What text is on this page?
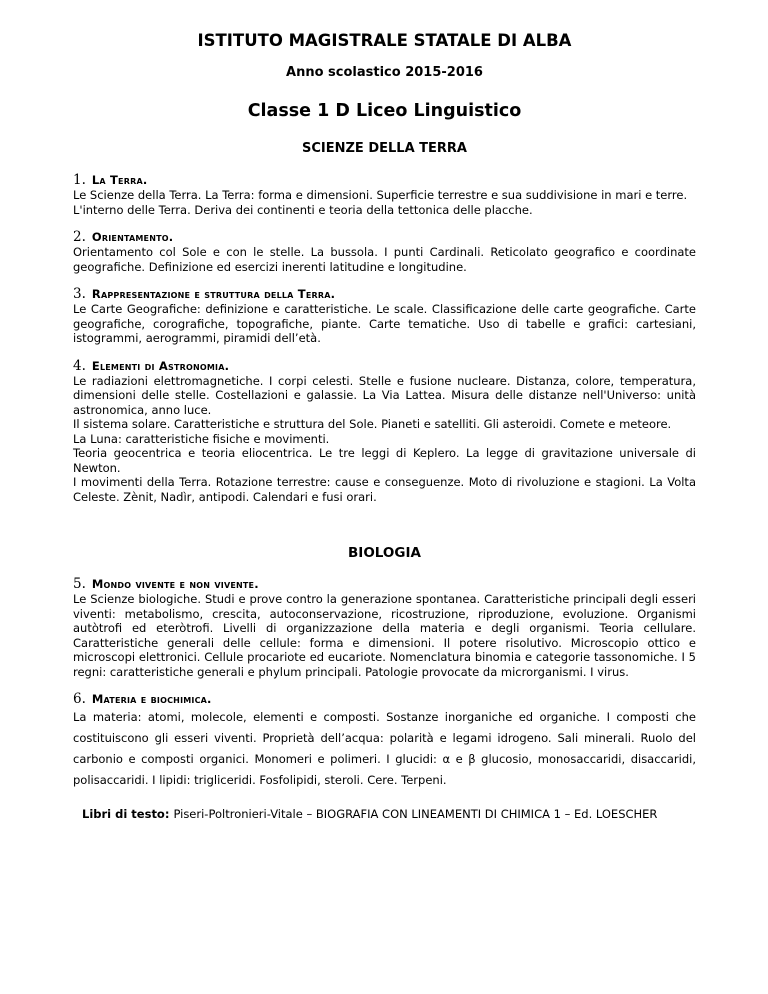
ISTITUTO MAGISTRALE STATALE DI ALBA

Anno scolastico 2015-2016

Classe 1 D Liceo Linguistico

SCIENZE DELLA TERRA

1. La Terra.

Le Scienze della Terra. La Terra: forma e dimensioni. Superficie terrestre e sua suddivisione in mari e terre.

L'interno delle Terra. Deriva dei continenti e teoria della tettonica delle placche.

2. Orientamento.

Orientamento col Sole e con le stelle. La bussola. I punti Cardinali. Reticolato geografico e coordinate geografiche. Definizione ed esercizi inerenti latitudine e longitudine.

3. Rappresentazione e struttura della Terra.

Le Carte Geografiche: definizione e caratteristiche. Le scale. Classificazione delle carte geografiche. Carte geografiche, corografiche, topografiche, piante. Carte tematiche. Uso di tabelle e grafici: cartesiani, istogrammi, aerogrammi, piramidi dell’età.

4. Elementi di Astronomia.

Le radiazioni elettromagnetiche. I corpi celesti. Stelle e fusione nucleare. Distanza, colore, temperatura, dimensioni delle stelle. Costellazioni e galassie. La Via Lattea. Misura delle distanze nell'Universo: unità astronomica, anno luce.

Il sistema solare. Caratteristiche e struttura del Sole. Pianeti e satelliti. Gli asteroidi. Comete e meteore.

La Luna: caratteristiche fisiche e movimenti.

Teoria geocentrica e teoria eliocentrica. Le tre leggi di Keplero. La legge di gravitazione universale di Newton.

I movimenti della Terra. Rotazione terrestre: cause e conseguenze. Moto di rivoluzione e stagioni. La Volta Celeste. Zènit, Nadìr, antipodi. Calendari e fusi orari.

BIOLOGIA

5. Mondo vivente e non vivente.

Le Scienze biologiche. Studi e prove contro la generazione spontanea. Caratteristiche principali degli esseri viventi: metabolismo, crescita, autoconservazione, ricostruzione, riproduzione, evoluzione. Organismi autòtrofi ed eteròtrofi. Livelli di organizzazione della materia e degli organismi. Teoria cellulare. Caratteristiche generali delle cellule: forma e dimensioni. Il potere risolutivo. Microscopio ottico e microscopi elettronici. Cellule procariote ed eucariote. Nomenclatura binomia e categorie tassonomiche. I 5 regni: caratteristiche generali e phylum principali. Patologie provocate da microrganismi. I virus.

6. Materia e biochimica.

La materia: atomi, molecole, elementi e composti. Sostanze inorganiche ed organiche. I composti che costituiscono gli esseri viventi. Proprietà dell’acqua: polarità e legami idrogeno. Sali minerali. Ruolo del carbonio e composti organici. Monomeri e polimeri. I glucidi: α e β glucosio, monosaccaridi, disaccaridi, polisaccaridi. I lipidi: trigliceridi. Fosfolipidi, steroli. Cere. Terpeni.

Libri di testo: Piseri-Poltronieri-Vitale – BIOGRAFIA CON LINEAMENTI DI CHIMICA 1 – Ed. LOESCHER
